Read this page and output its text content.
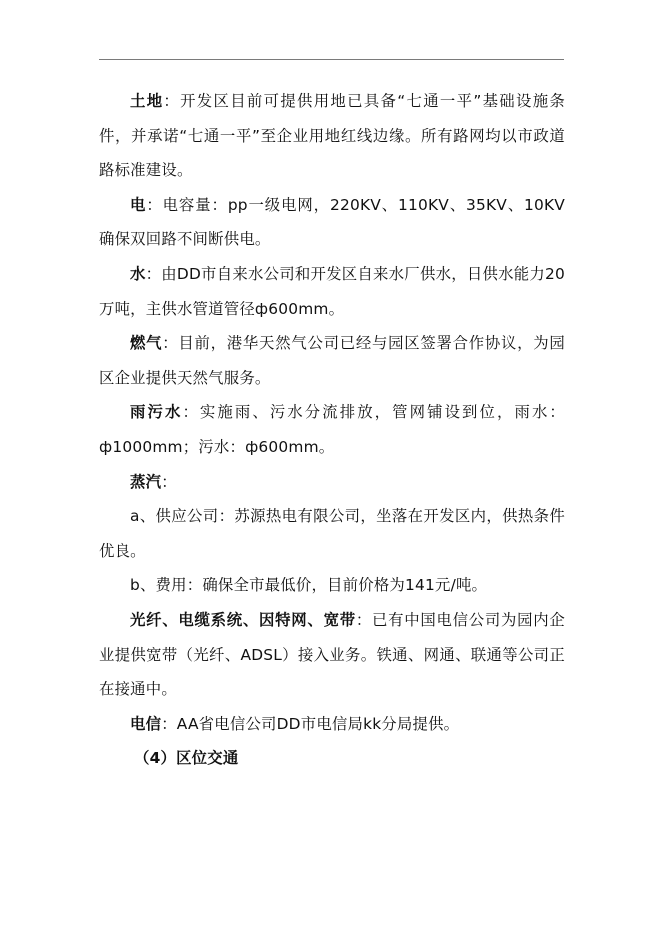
土地：开发区目前可提供用地已具备“七通一平”基础设施条件，并承诺“七通一平”至企业用地红线边缘。所有路网均以市政道路标准建设。

电：电容量：pp一级电网，220KV、110KV、35KV、10KV确保双回路不间断供电。

水：由DD市自来水公司和开发区自来水厂供水，日供水能力20万吨，主供水管道管径ф600mm。

燃气：目前，港华天然气公司已经与园区签署合作协议，为园区企业提供天然气服务。

雨污水：实施雨、污水分流排放，管网铺设到位，雨水：ф1000mm；污水：ф600mm。

蒸汽：

a、供应公司：苏源热电有限公司，坐落在开发区内，供热条件优良。

b、费用：确保全市最低价，目前价格为141元/吨。

光纤、电缆系统、因特网、宽带：已有中国电信公司为园内企业提供宽带（光纤、ADSL）接入业务。铁通、网通、联通等公司正在接通中。

电信：AA省电信公司DD市电信局kk分局提供。

（4）区位交通
